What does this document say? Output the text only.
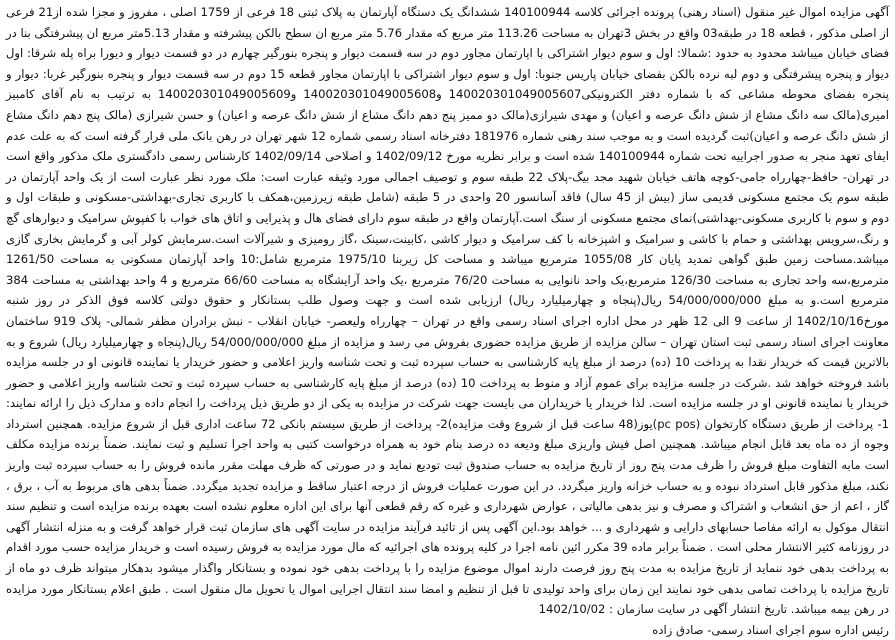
آگهی مزایده اموال غیر منقول (اسناد رهنی) پرونده اجرائی کلاسه 140100944 ششدانگ یک دستگاه آپارتمان به پلاک ثبتی 18 فرعی از 1759 اصلی ، مفروز و مجزا شده از21 فرعی از اصلی مذکور ، قطعه 18 در طبقه03 واقع در بخش 3تهران به مساحت 113.26 متر مربع که مقدار 5.76 متر مربع ان سطح بالکن پیشرفته و مقدار 5.13متر مربع ان پیشرفتگی بنا در فضای خیابان میباشد محدود به حدود :شمالا: اول و سوم دیوار اشتراکی با اپارتمان مجاور دوم در سه قسمت دیوار و پنجره بنورگیر چهارم در دو قسمت دیوار و دیورا براه پله شرقا: اول دیوار و پنجره پیشرفتگی و دوم لبه نرده بالکن بفضای خیابان پاریس جنوبا: اول و سوم دیوار اشتراکی با اپارتمان مجاور قطعه 15 دوم در سه قسمت دیوار و پنجره بنورگیر غربا: دیوار و پنجره بفضای محوطه مشاعی که با شماره دفتر الکترونیکی140020301049005607 و140020301049005608 و140020301049005609 به ترتیب به نام آقای کامبیز امیری(مالک سه دانگ مشاع از شش دانگ عرصه و اعیان) و مهدی شیرازی(مالک دو ممیز پنج دهم دانگ مشاع از شش دانگ عرصه و اعیان) و حسن شیرازی (مالک پنج دهم دانگ مشاع از شش دانگ عرصه و اعیان)ثبت گردیده است و به موجب سند رهنی شماره 181976 دفترخانه اسناد رسمی شماره 12 شهر تهران در رهن بانک ملی قرار گرفته است که به علت عدم ایفای تعهد منجر به صدور اجراییه تحت شماره 140100944 شده است و برابر نظریه مورخ 1402/09/12 و اصلاحی 1402/09/14 کارشناس رسمی دادگستری ملک مذکور واقع است در تهران- حافظ-چهارراه جامی-کوچه هاتف خیابان شهید مجد بیگ-پلاک 22 طبقه سوم و توصیف اجمالی مورد وثیقه عبارت است: ملک مورد نظر عبارت است از یک واحد آپارتمان در طبقه سوم یک مجتمع مسکونی قدیمی ساز (بیش از 45 سال) فاقد آسانسور 20 واحدی در 5 طبقه (شامل طبقه زیرزمین،همکف با کاربری تجاری-بهداشتی-مسکونی و طبقات اول و دوم و سوم با کاربری مسکونی-بهداشتی)نمای مجتمع مسکونی از سنگ است.آپارتمان واقع در طبقه سوم دارای فضای هال و پذیرایی و اتاق های خواب با کفپوش سرامیک و دیوارهای گچ و رنگ،سرویس بهداشتی و حمام با کاشی و سرامیک و اشپزخانه با کف سرامیک و دیوار کاشی ،کابینت،سینک ،گاز رومیزی و شیرآلات است.سرمایش کولر آبی و گرمایش بخاری گازی میباشد.مساحت زمین طبق گواهی تمدید پایان کار 1055/08 مترمربع میباشد و مساحت کل زیربنا 1975/10 مترمربع شامل:10 واحد آپارتمان مسکونی به مساحت 1261/50 مترمربع،سه واحد تجاری به مساحت 126/30 مترمربع،یک واحد نانوایی به مساحت 76/20 مترمربع ،یک واحد آرایشگاه به مساحت 66/60 مترمربع و 4 واحد بهداشتی به مساحت 384 مترمربع است.و به مبلغ 54/000/000/000 ریال(پنجاه و چهارمیلیارد ریال) ارزیابی شده است و جهت وصول طلب بستانکار و حقوق دولتی کلاسه فوق الذکر در روز شنبه مورخ1402/10/16 از ساعت 9 الی 12 ظهر در محل اداره اجرای اسناد رسمی واقع در تهران – چهارراه ولیعصر- خیابان انقلاب - نبش برادران مظفر شمالی- پلاک 919 ساختمان معاونت اجرای اسناد رسمی ثبت استان تهران – سالن مزایده از طریق مزایده حضوری بفروش می رسد و مزایده از مبلغ 54/000/000/000 ریال(پنجاه و چهارمیلیارد ریال) شروع و به بالاترین قیمت که خریدار نقدا به پرداخت 10 (ده) درصد از مبلغ پایه کارشناسی به حساب سپرده ثبت و تحت شناسه واریز اعلامی و حضور خریدار یا نماینده قانونی او در جلسه مزایده باشد فروخته خواهد شد .شرکت در جلسه مزایده برای عموم آزاد و منوط به پرداخت 10 (ده) درصد از مبلغ پایه کارشناسی به حساب سپرده ثبت و تحت شناسه واریز اعلامی و حضور خریدار یا نماینده قانونی او در جلسه مزایده است. لذا خریدار یا خریداران می بایست جهت شرکت در مزایده به یکی از دو طریق ذیل پرداخت را انجام داده و مدارک ذیل را ارائه نمایند: 1- پرداخت از طریق دستگاه کارتخوان (pc pos)یوز(48 ساعت قبل از شروع وقت مزایده)2- پرداخت از طریق سیستم بانکی 72 ساعت اداری قبل از شروع مزایده. همچنین استرداد وجوه از ده ماه بعد قابل انجام میباشد. همچنین اصل فیش واریزی مبلغ ودیعه ده درصد بنام خود به همراه درخواست کتبی به واحد اجرا تسلیم و ثبت نمایند. ضمناً برنده مزایده مکلف است مابه التفاوت مبلغ فروش را ظرف مدت پنج روز از تاریخ مزایده به حساب صندوق ثبت تودیع نماید و در صورتی که ظرف مهلت مقرر مانده فروش را به حساب سپرده ثبت واریز نکند، مبلغ مذکور قابل استرداد نبوده و به حساب خزانه واریز میگردد. در این صورت عملیات فروش از درجه اعتبار ساقط و مزایده تجدید میگردد. ضمناً بدهی های مربوط به آب ، برق ، گاز ، اعم از حق انشعاب و اشتراک و مصرف و نیز بدهی مالیاتی ، عوارض شهرداری و غیره که رقم قطعی آنها برای این اداره معلوم نشده است بعهده برنده مزایده است و تنظیم سند انتقال موکول به ارائه مفاصا حسابهای دارایی و شهرداری و ... خواهد بود.این آگهی پس از تائید فرآیند مزایده در سایت آگهی های سازمان ثبت قرار خواهد گرفت و به منزله انتشار آگهی در روزنامه کثیر الانتشار محلی است . ضمناً برابر ماده 39 مکرر ائین نامه اجرا در کلیه پرونده های اجرائیه که مال مورد مزایده به فروش رسیده است و خریدار مزایده حسب مورد اقدام به پرداخت بدهی خود ننماید از تاریخ مزایده به مدت پنج روز فرصت دارند اموال موضوع مزایده را با پرداخت بدهی خود نموده و بستانکار واگذار میشود بدهکار میتواند ظرف دو ماه از تاریخ مزایده با پرداخت تمامی بدهی خود نمایند این زمان برای واحد تولیدی تا قبل از تنظیم و امضا سند انتقال اجرایی اموال یا تحویل مال منقول است . طبق اعلام بستانکار مورد مزایده در رهن بیمه میباشد. تاریخ انتشار آگهی در سایت سازمان : 1402/10/02
رئیس اداره سوم اجرای اسناد رسمی- صادق زاده
